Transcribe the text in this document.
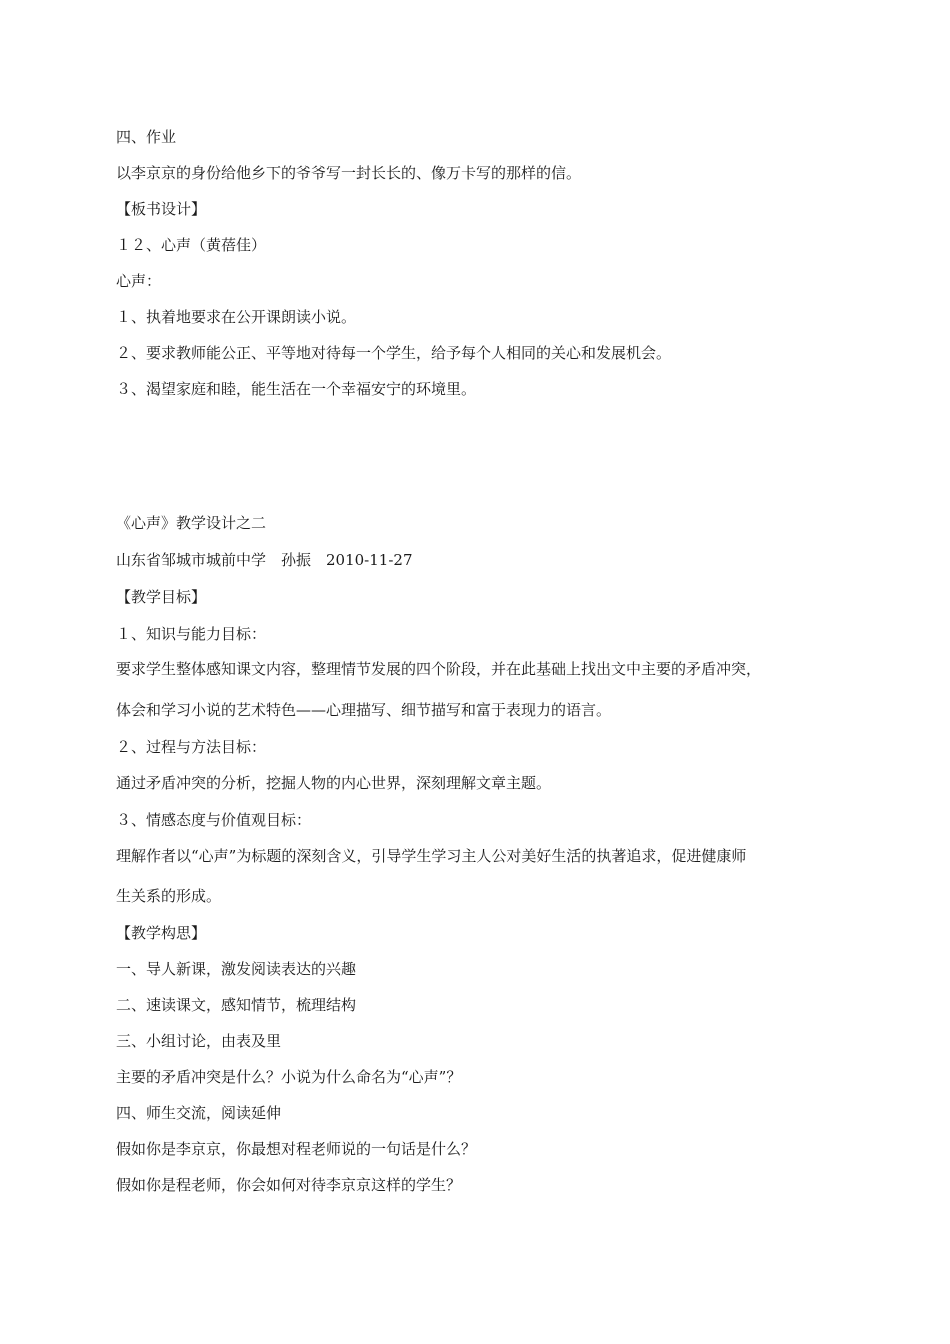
四、作业
以李京京的身份给他乡下的爷爷写一封长长的、像万卡写的那样的信。
【板书设计】
１２、心声（黄蓓佳）
心声：
１、执着地要求在公开课朗读小说。
２、要求教师能公正、平等地对待每一个学生，给予每个人相同的关心和发展机会。
３、渴望家庭和睦，能生活在一个幸福安宁的环境里。
《心声》教学设计之二
山东省邹城市城前中学　孙振　2010-11-27
【教学目标】
１、知识与能力目标：
要求学生整体感知课文内容，整理情节发展的四个阶段，并在此基础上找出文中主要的矛盾冲突，
体会和学习小说的艺术特色——心理描写、细节描写和富于表现力的语言。
２、过程与方法目标：
通过矛盾冲突的分析，挖掘人物的内心世界，深刻理解文章主题。
３、情感态度与价值观目标：
理解作者以“心声”为标题的深刻含义，引导学生学习主人公对美好生活的执著追求，促进健康师
生关系的形成。
【教学构思】
一、导人新课，激发阅读表达的兴趣
二、速读课文，感知情节，梳理结构
三、小组讨论，由表及里
主要的矛盾冲突是什么？小说为什么命名为“心声”？
四、师生交流，阅读延伸
假如你是李京京，你最想对程老师说的一句话是什么？
假如你是程老师，你会如何对待李京京这样的学生？
